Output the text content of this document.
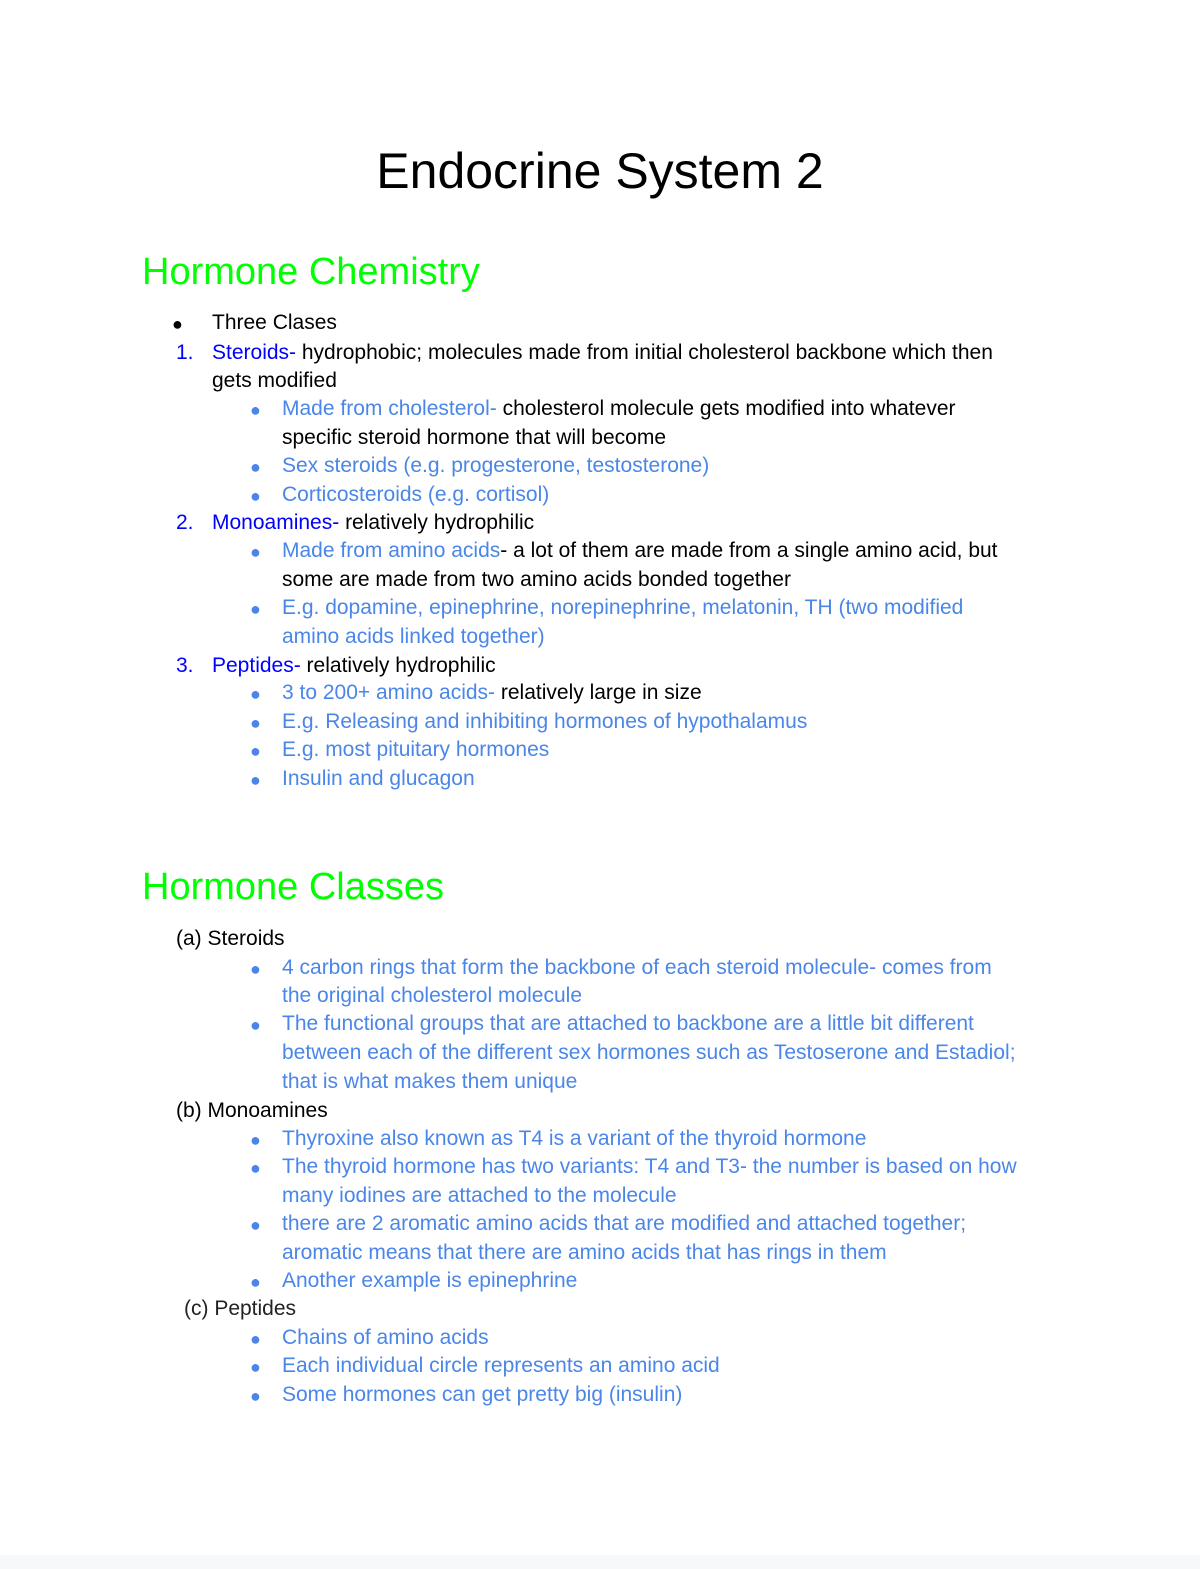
Endocrine System 2
Hormone Chemistry
● Three Clases
1. Steroids- hydrophobic; molecules made from initial cholesterol backbone which then
gets modified
● Made from cholesterol- cholesterol molecule gets modified into whatever
specific steroid hormone that will become
● Sex steroids (e.g. progesterone, testosterone)
● Corticosteroids (e.g. cortisol)
2. Monoamines- relatively hydrophilic
● Made from amino acids- a lot of them are made from a single amino acid, but
some are made from two amino acids bonded together
● E.g. dopamine, epinephrine, norepinephrine, melatonin, TH (two modified
amino acids linked together)
3. Peptides- relatively hydrophilic
● 3 to 200+ amino acids- relatively large in size
● E.g. Releasing and inhibiting hormones of hypothalamus
● E.g. most pituitary hormones
● Insulin and glucagon
Hormone Classes
(a) Steroids
● 4 carbon rings that form the backbone of each steroid molecule- comes from
the original cholesterol molecule
● The functional groups that are attached to backbone are a little bit different
between each of the different sex hormones such as Testoserone and Estadiol;
that is what makes them unique
(b) Monoamines
● Thyroxine also known as T4 is a variant of the thyroid hormone
● The thyroid hormone has two variants: T4 and T3- the number is based on how
many iodines are attached to the molecule
● there are 2 aromatic amino acids that are modified and attached together;
aromatic means that there are amino acids that has rings in them
● Another example is epinephrine
(c) Peptides
● Chains of amino acids
● Each individual circle represents an amino acid
● Some hormones can get pretty big (insulin)
